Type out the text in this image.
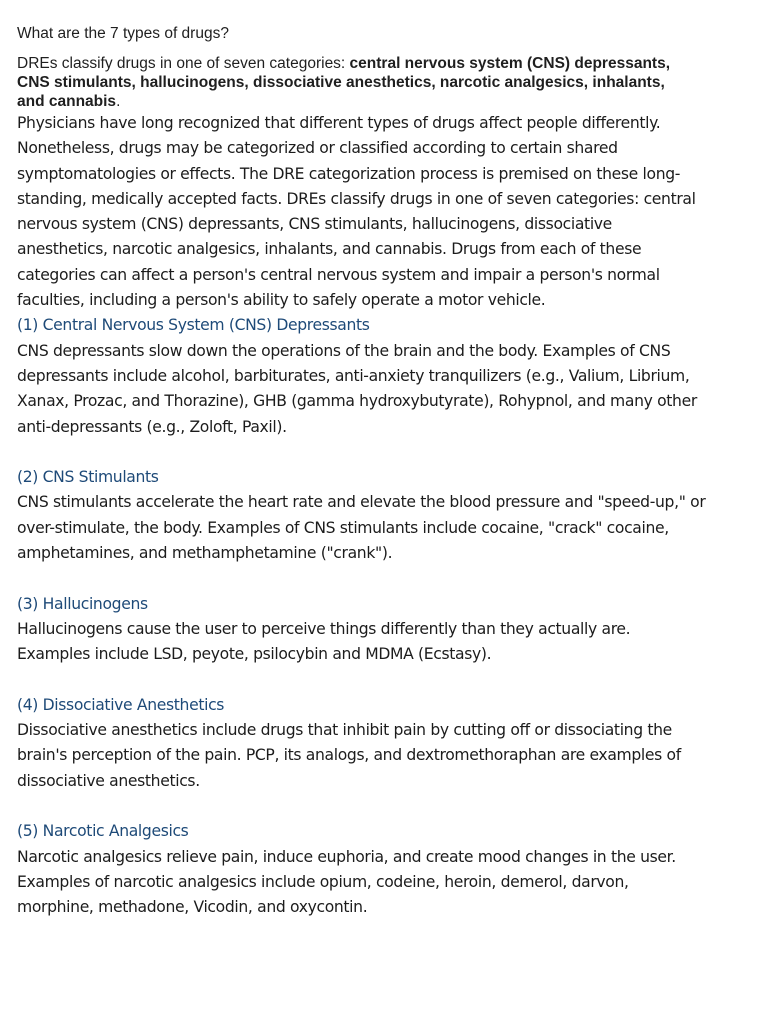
What are the 7 types of drugs?

DREs classify drugs in one of seven categories: central nervous system (CNS) depressants, CNS stimulants, hallucinogens, dissociative anesthetics, narcotic analgesics, inhalants, and cannabis.

Physicians have long recognized that different types of drugs affect people differently. Nonetheless, drugs may be categorized or classified according to certain shared symptomatologies or effects. The DRE categorization process is premised on these long-standing, medically accepted facts. DREs classify drugs in one of seven categories: central nervous system (CNS) depressants, CNS stimulants, hallucinogens, dissociative anesthetics, narcotic analgesics, inhalants, and cannabis. Drugs from each of these categories can affect a person's central nervous system and impair a person's normal faculties, including a person's ability to safely operate a motor vehicle.

(1) Central Nervous System (CNS) Depressants

CNS depressants slow down the operations of the brain and the body. Examples of CNS depressants include alcohol, barbiturates, anti-anxiety tranquilizers (e.g., Valium, Librium, Xanax, Prozac, and Thorazine), GHB (gamma hydroxybutyrate), Rohypnol, and many other anti-depressants (e.g., Zoloft, Paxil).

(2) CNS Stimulants

CNS stimulants accelerate the heart rate and elevate the blood pressure and "speed-up," or over-stimulate, the body. Examples of CNS stimulants include cocaine, "crack" cocaine, amphetamines, and methamphetamine ("crank").

(3) Hallucinogens

Hallucinogens cause the user to perceive things differently than they actually are. Examples include LSD, peyote, psilocybin and MDMA (Ecstasy).

(4) Dissociative Anesthetics

Dissociative anesthetics include drugs that inhibit pain by cutting off or dissociating the brain's perception of the pain. PCP, its analogs, and dextromethoraphan are examples of dissociative anesthetics.

(5) Narcotic Analgesics

Narcotic analgesics relieve pain, induce euphoria, and create mood changes in the user. Examples of narcotic analgesics include opium, codeine, heroin, demerol, darvon, morphine, methadone, Vicodin, and oxycontin.
